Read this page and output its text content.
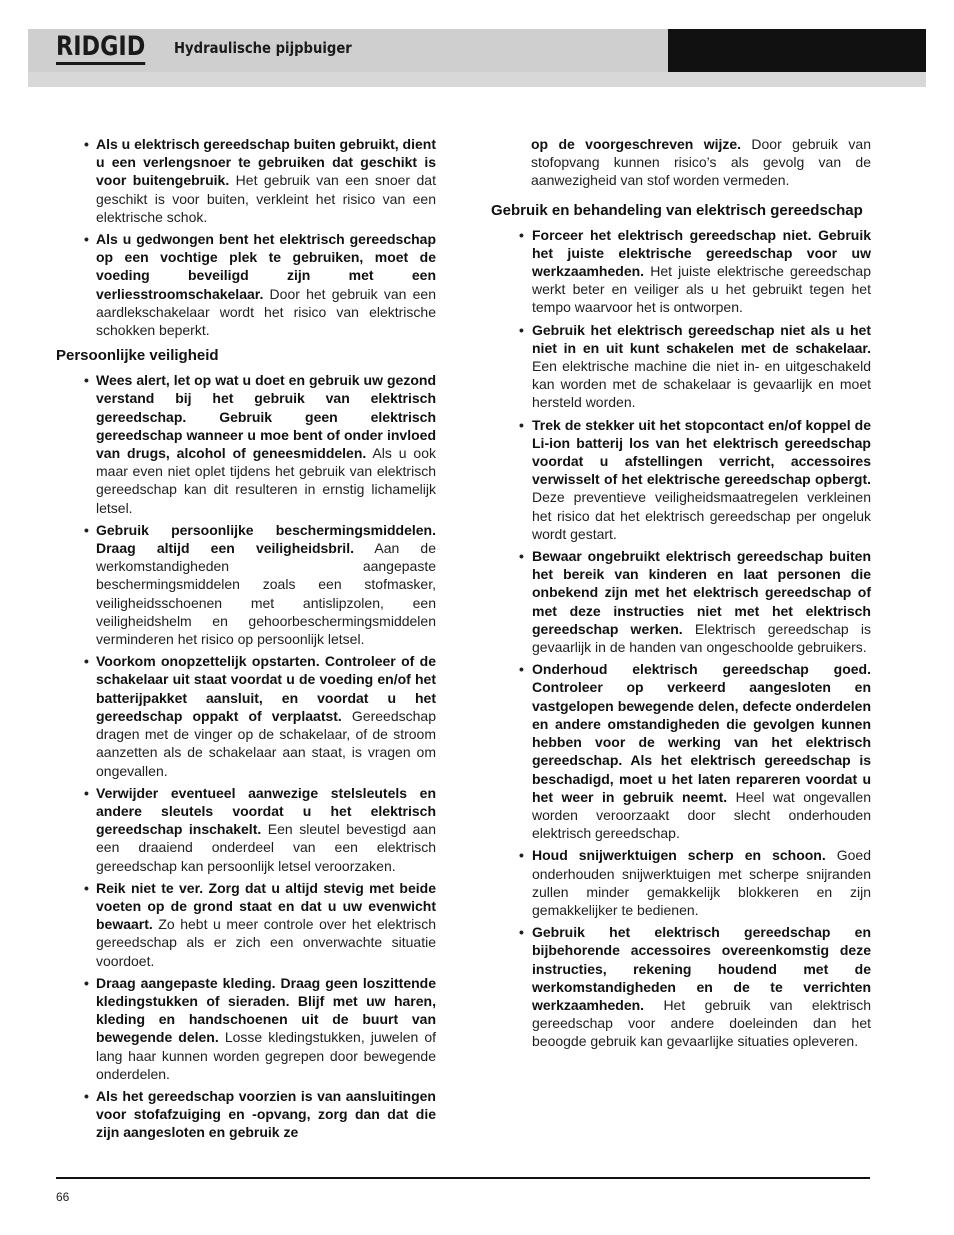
RIDGID Hydraulische pijpbuiger
• Als u elektrisch gereedschap buiten gebruikt, dient u een verlengsnoer te gebruiken dat geschikt is voor buitengebruik. Het gebruik van een snoer dat geschikt is voor buiten, verkleint het risico van een elektrische schok.
• Als u gedwongen bent het elektrisch gereedschap op een vochtige plek te gebruiken, moet de voeding beveiligd zijn met een verliesstroomschakelaar. Door het gebruik van een aardlekschakelaar wordt het risico van elektrische schokken beperkt.
Persoonlijke veiligheid
• Wees alert, let op wat u doet en gebruik uw gezond verstand bij het gebruik van elektrisch gereedschap. Gebruik geen elektrisch gereedschap wanneer u moe bent of onder invloed van drugs, alcohol of geneesmiddelen. Als u ook maar even niet oplet tijdens het gebruik van elektrisch gereedschap kan dit resulteren in ernstig lichamelijk letsel.
• Gebruik persoonlijke beschermingsmiddelen. Draag altijd een veiligheidsbril. Aan de werkomstandigheden aangepaste beschermingsmiddelen zoals een stofmasker, veiligheidsschoenen met antislipzolen, een veiligheidshelm en gehoorbeschermingsmiddelen verminderen het risico op persoonlijk letsel.
• Voorkom onopzettelijk opstarten. Controleer of de schakelaar uit staat voordat u de voeding en/of het batterijpakket aansluit, en voordat u het gereedschap oppakt of verplaatst. Gereedschap dragen met de vinger op de schakelaar, of de stroom aanzetten als de schakelaar aan staat, is vragen om ongevallen.
• Verwijder eventueel aanwezige stelsleutels en andere sleutels voordat u het elektrisch gereedschap inschakelt. Een sleutel bevestigd aan een draaiend onderdeel van een elektrisch gereedschap kan persoonlijk letsel veroorzaken.
• Reik niet te ver. Zorg dat u altijd stevig met beide voeten op de grond staat en dat u uw evenwicht bewaart. Zo hebt u meer controle over het elektrisch gereedschap als er zich een onverwachte situatie voordoet.
• Draag aangepaste kleding. Draag geen loszittende kledingstukken of sieraden. Blijf met uw haren, kleding en handschoenen uit de buurt van bewegende delen. Losse kledingstukken, juwelen of lang haar kunnen worden gegrepen door bewegende onderdelen.
• Als het gereedschap voorzien is van aansluitingen voor stofafzuiging en -opvang, zorg dan dat die zijn aangesloten en gebruik ze
op de voorgeschreven wijze. Door gebruik van stofopvang kunnen risico’s als gevolg van de aanwezigheid van stof worden vermeden.
Gebruik en behandeling van elektrisch gereedschap
• Forceer het elektrisch gereedschap niet. Gebruik het juiste elektrische gereedschap voor uw werkzaamheden. Het juiste elektrische gereedschap werkt beter en veiliger als u het gebruikt tegen het tempo waarvoor het is ontworpen.
• Gebruik het elektrisch gereedschap niet als u het niet in en uit kunt schakelen met de schakelaar. Een elektrische machine die niet in- en uitgeschakeld kan worden met de schakelaar is gevaarlijk en moet hersteld worden.
• Trek de stekker uit het stopcontact en/of koppel de Li-ion batterij los van het elektrisch gereedschap voordat u afstellingen verricht, accessoires verwisselt of het elektrische gereedschap opbergt. Deze preventieve veiligheidsmaatregelen verkleinen het risico dat het elektrisch gereedschap per ongeluk wordt gestart.
• Bewaar ongebruikt elektrisch gereedschap buiten het bereik van kinderen en laat personen die onbekend zijn met het elektrisch gereedschap of met deze instructies niet met het elektrisch gereedschap werken. Elektrisch gereedschap is gevaarlijk in de handen van ongeschoolde gebruikers.
• Onderhoud elektrisch gereedschap goed. Controleer op verkeerd aangesloten en vastgelopen bewegende delen, defecte onderdelen en andere omstandigheden die gevolgen kunnen hebben voor de werking van het elektrisch gereedschap. Als het elektrisch gereedschap is beschadigd, moet u het laten repareren voordat u het weer in gebruik neemt. Heel wat ongevallen worden veroorzaakt door slecht onderhouden elektrisch gereedschap.
• Houd snijwerktuigen scherp en schoon. Goed onderhouden snijwerktuigen met scherpe snijranden zullen minder gemakkelijk blokkeren en zijn gemakkelijker te bedienen.
• Gebruik het elektrisch gereedschap en bijbehorende accessoires overeenkomstig deze instructies, rekening houdend met de werkomstandigheden en de te verrichten werkzaamheden. Het gebruik van elektrisch gereedschap voor andere doeleinden dan het beoogde gebruik kan gevaarlijke situaties opleveren.
66
